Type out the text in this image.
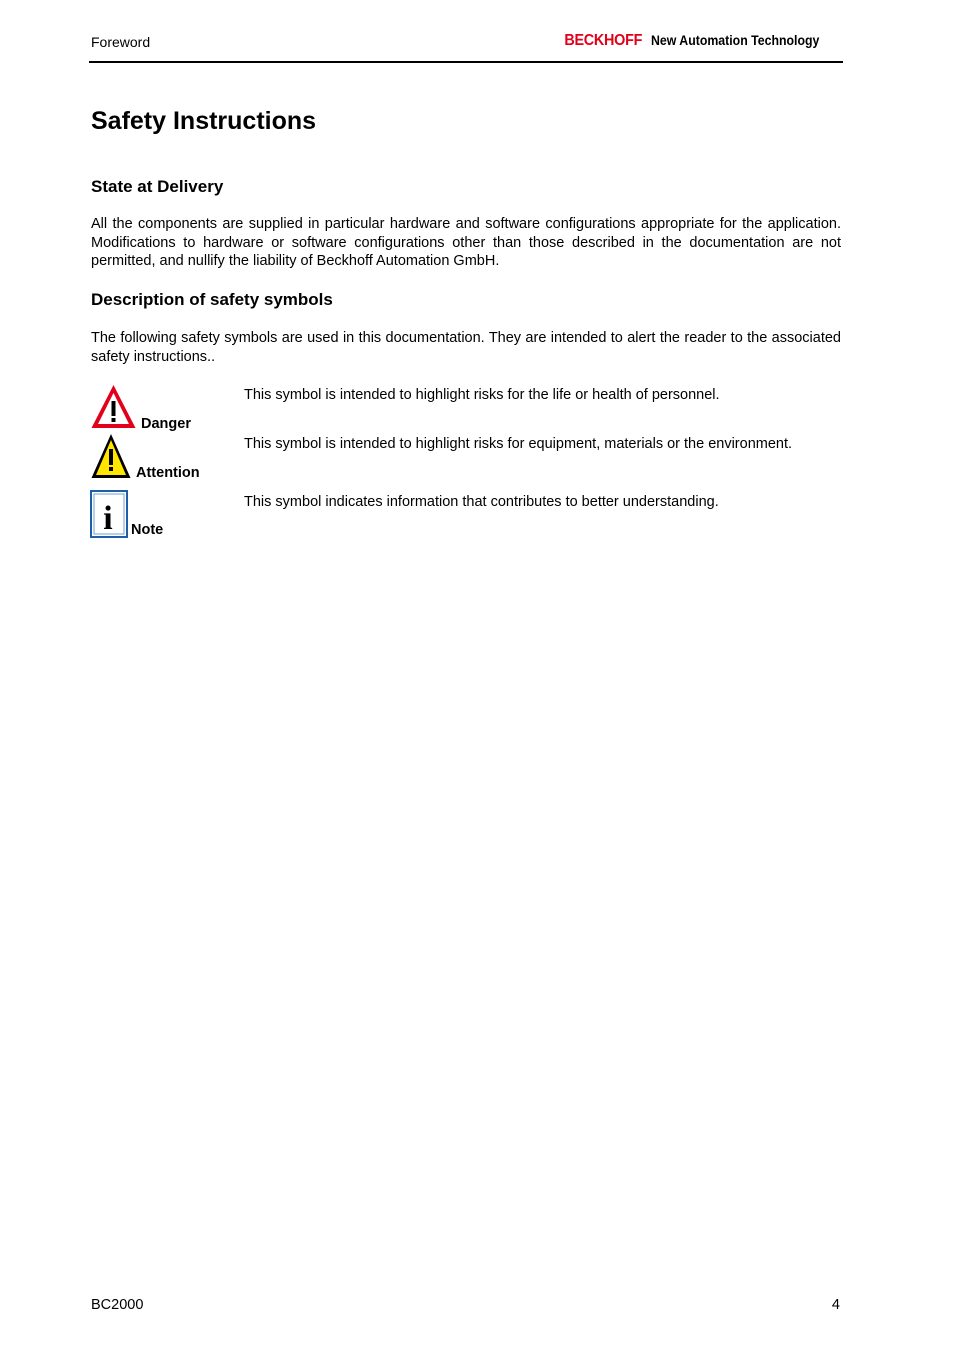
Foreword	BECKHOFF New Automation Technology
Safety Instructions
State at Delivery

All the components are supplied in particular hardware and software configurations appropriate for the application. Modifications to hardware or software configurations other than those described in the documentation are not permitted, and nullify the liability of Beckhoff Automation GmbH.

Description of safety symbols

The following safety symbols are used in this documentation. They are intended to alert the reader to the associated safety instructions..

Danger

This symbol is intended to highlight risks for the life or health of personnel.

Attention

This symbol is intended to highlight risks for equipment, materials or the environment.

i Note

This symbol indicates information that contributes to better understanding.

BC2000	4
